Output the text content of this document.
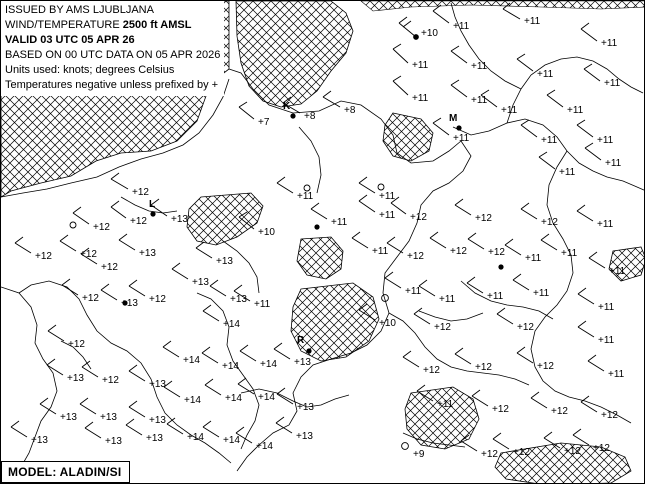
ISSUED BY AMS LJUBLJANA
WIND/TEMPERATURE 2500 ft AMSL
VALID 03 UTC 05 APR 26
BASED ON 00 UTC DATA ON 05 APR 2026
Units used: knots; degrees Celsius
Temperatures negative unless prefixed by +
K
M
L
R
+10
+11	+11
+11
+11	+11
+11
+11
+11	+11
+11	+11
+8
+8
+7
+11	+11	+11
+11
+11
+11	+11
+12
+12
+12 +13
+10
+11
+11 +12	+12	+12	+11
+12	+12	+13
+13
+11 +12	+12 +12
+11 +11
+11
+12
+13
+12 +13 +12	+13 +11
+11
+11	+11	+11
+11
+10	+12	+12
+11
+12
+14
+14
+14 +14 +13
+12	+12	+12
+11
+13 +12	+13
+14 +14 +14
+13 +13	+13
+13	+11	+12	+12	+12
+13	+13 +13 +14 +14
+14
+13
+9	+12 +12	+12 +12
MODEL: ALADIN/SI
